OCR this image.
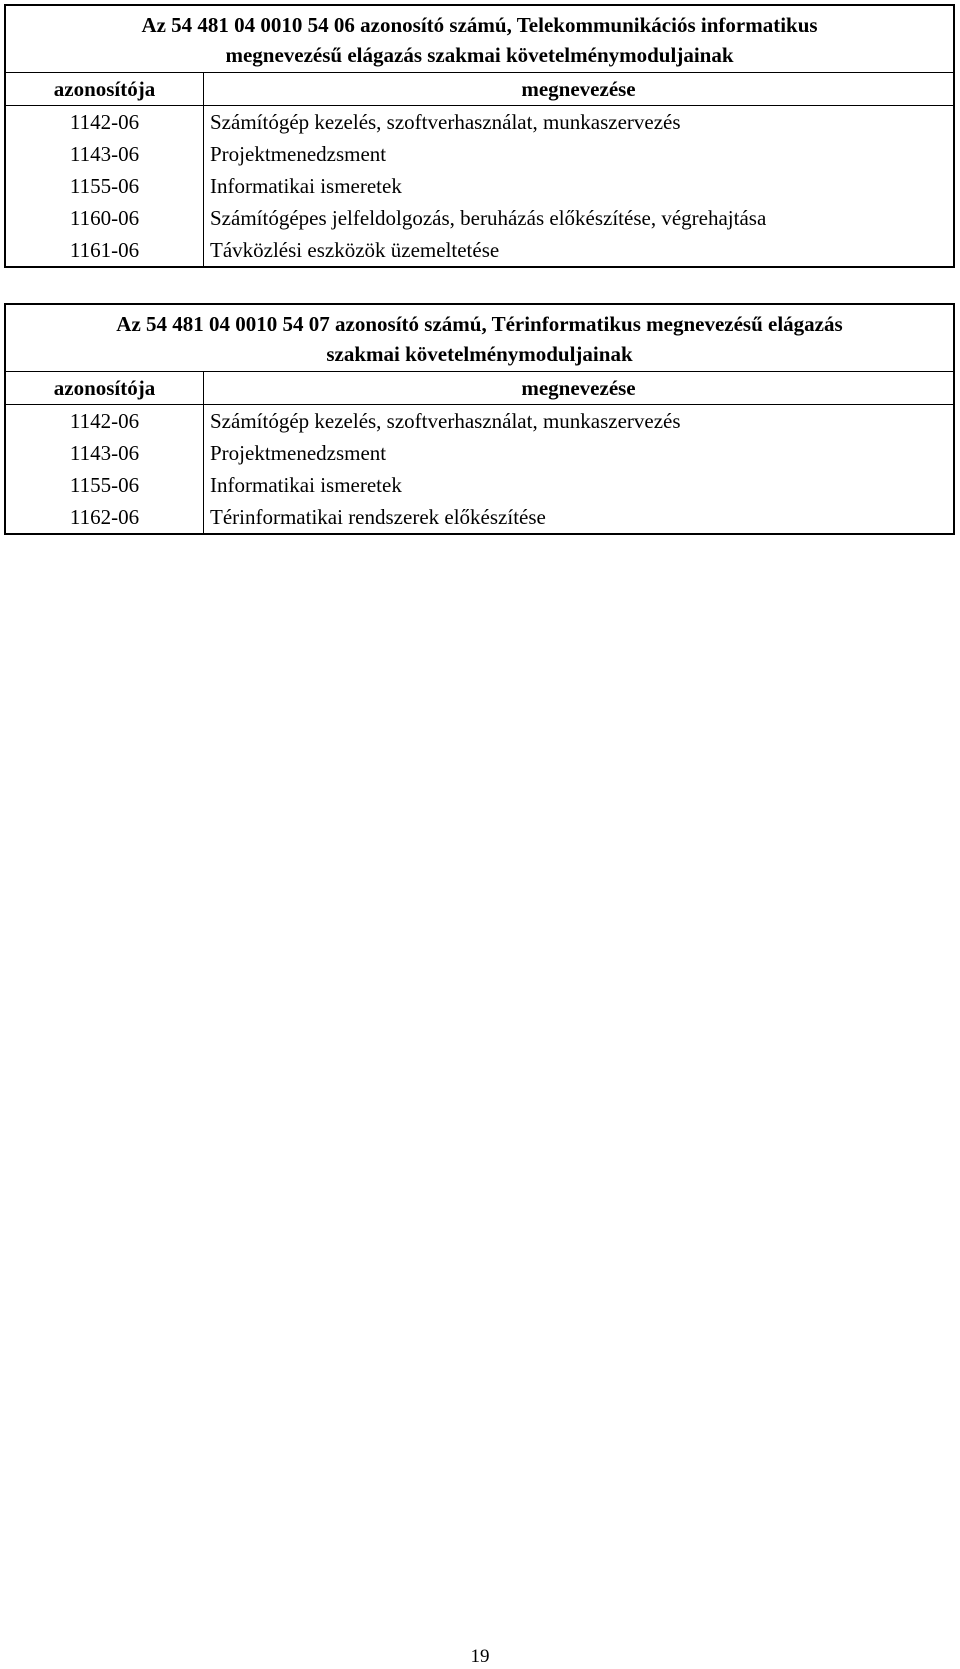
Az 54 481 04 0010 54 06 azonosító számú, Telekommunikációs informatikus
megnevezésű elágazás szakmai követelménymoduljainak
azonosítója	megnevezése
1142-06	Számítógép kezelés, szoftverhasználat, munkaszervezés
1143-06	Projektmenedzsment
1155-06	Informatikai ismeretek
1160-06	Számítógépes jelfeldolgozás, beruházás előkészítése, végrehajtása
1161-06	Távközlési eszközök üzemeltetése
Az 54 481 04 0010 54 07 azonosító számú, Térinformatikus megnevezésű elágazás
szakmai követelménymoduljainak
azonosítója	megnevezése
1142-06	Számítógép kezelés, szoftverhasználat, munkaszervezés
1143-06	Projektmenedzsment
1155-06	Informatikai ismeretek
1162-06	Térinformatikai rendszerek előkészítése
19
